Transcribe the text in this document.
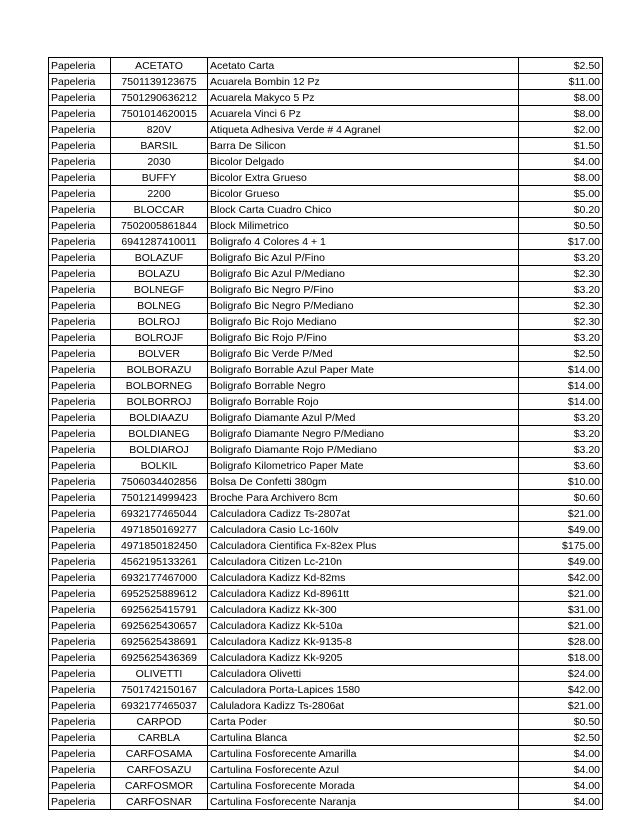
Papeleria	ACETATO	Acetato Carta	$2.50
Papeleria	7501139123675	Acuarela Bombin 12 Pz	$11.00
Papeleria	7501290636212	Acuarela Makyco 5 Pz	$8.00
Papeleria	7501014620015	Acuarela Vinci 6 Pz	$8.00
Papeleria	820V	Atiqueta Adhesiva Verde # 4 Agranel	$2.00
Papeleria	BARSIL	Barra De Silicon	$1.50
Papeleria	2030	Bicolor Delgado	$4.00
Papeleria	BUFFY	Bicolor Extra Grueso	$8.00
Papeleria	2200	Bicolor Grueso	$5.00
Papeleria	BLOCCAR	Block Carta Cuadro Chico	$0.20
Papeleria	7502005861844	Block Milimetrico	$0.50
Papeleria	6941287410011	Boligrafo 4 Colores 4 + 1	$17.00
Papeleria	BOLAZUF	Boligrafo Bic Azul P/Fino	$3.20
Papeleria	BOLAZU	Boligrafo Bic Azul P/Mediano	$2.30
Papeleria	BOLNEGF	Boligrafo Bic Negro P/Fino	$3.20
Papeleria	BOLNEG	Boligrafo Bic Negro P/Mediano	$2.30
Papeleria	BOLROJ	Boligrafo Bic Rojo Mediano	$2.30
Papeleria	BOLROJF	Boligrafo Bic Rojo P/Fino	$3.20
Papeleria	BOLVER	Boligrafo Bic Verde P/Med	$2.50
Papeleria	BOLBORAZU	Boligrafo Borrable Azul Paper Mate	$14.00
Papeleria	BOLBORNEG	Boligrafo Borrable Negro	$14.00
Papeleria	BOLBORROJ	Boligrafo Borrable Rojo	$14.00
Papeleria	BOLDIAAZU	Boligrafo Diamante Azul P/Med	$3.20
Papeleria	BOLDIANEG	Boligrafo Diamante Negro P/Mediano	$3.20
Papeleria	BOLDIAROJ	Boligrafo Diamante Rojo P/Mediano	$3.20
Papeleria	BOLKIL	Boligrafo Kilometrico Paper Mate	$3.60
Papeleria	7506034402856	Bolsa De Confetti 380gm	$10.00
Papeleria	7501214999423	Broche Para Archivero 8cm	$0.60
Papeleria	6932177465044	Calculadora Cadizz Ts-2807at	$21.00
Papeleria	4971850169277	Calculadora Casio Lc-160lv	$49.00
Papeleria	4971850182450	Calculadora Cientifica Fx-82ex Plus	$175.00
Papeleria	4562195133261	Calculadora Citizen Lc-210n	$49.00
Papeleria	6932177467000	Calculadora Kadizz Kd-82ms	$42.00
Papeleria	6952525889612	Calculadora Kadizz Kd-8961tt	$21.00
Papeleria	6925625415791	Calculadora Kadizz Kk-300	$31.00
Papeleria	6925625430657	Calculadora Kadizz Kk-510a	$21.00
Papeleria	6925625438691	Calculadora Kadizz Kk-9135-8	$28.00
Papeleria	6925625436369	Calculadora Kadizz Kk-9205	$18.00
Papeleria	OLIVETTI	Calculadora Olivetti	$24.00
Papeleria	7501742150167	Calculadora Porta-Lapices 1580	$42.00
Papeleria	6932177465037	Caluladora Kadizz Ts-2806at	$21.00
Papeleria	CARPOD	Carta Poder	$0.50
Papeleria	CARBLA	Cartulina Blanca	$2.50
Papeleria	CARFOSAMA	Cartulina Fosforecente Amarilla	$4.00
Papeleria	CARFOSAZU	Cartulina Fosforecente Azul	$4.00
Papeleria	CARFOSMOR	Cartulina Fosforecente Morada	$4.00
Papeleria	CARFOSNAR	Cartulina Fosforecente Naranja	$4.00
